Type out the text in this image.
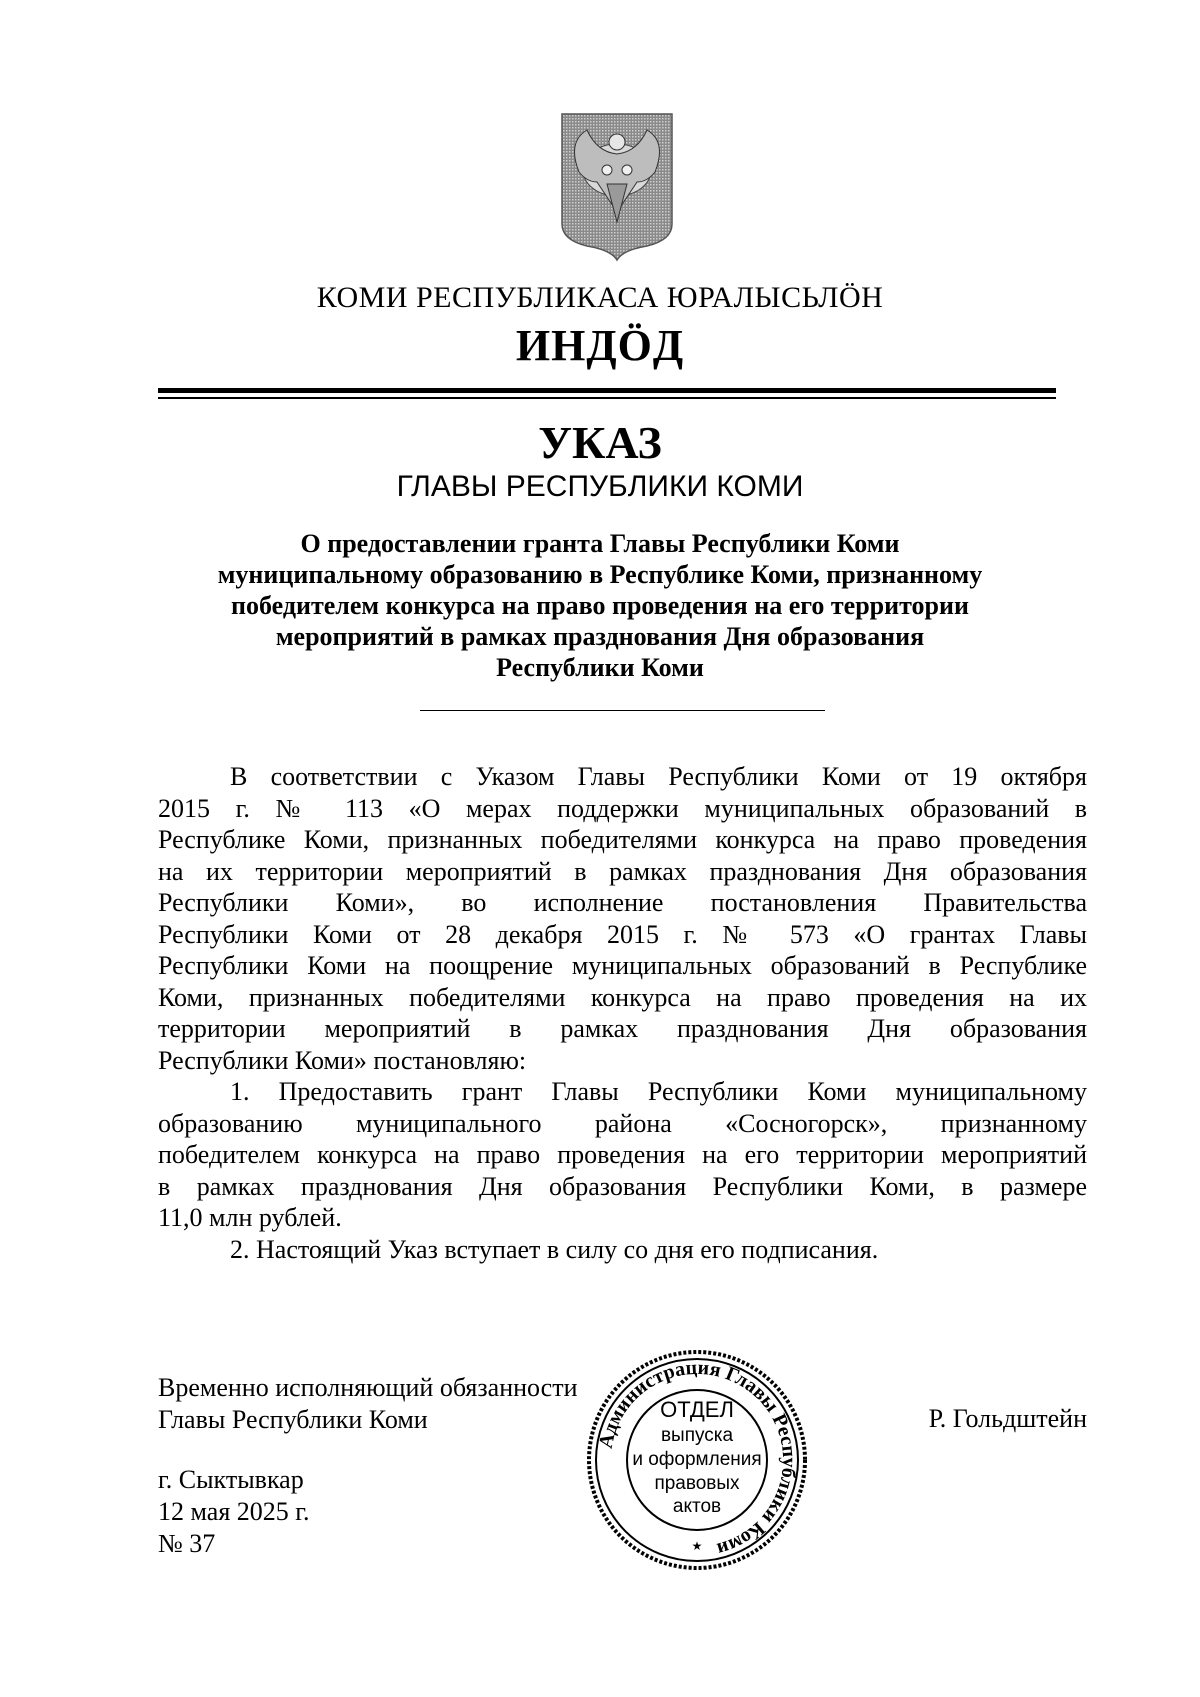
КОМИ РЕСПУБЛИКАСА ЮРАЛЫСЬЛӦН
ИНДӦД
УКАЗ
ГЛАВЫ РЕСПУБЛИКИ КОМИ
О предоставлении гранта Главы Республики Коми
муниципальному образованию в Республике Коми, признанному
победителем конкурса на право проведения на его территории
мероприятий в рамках празднования Дня образования
Республики Коми
В соответствии с Указом Главы Республики Коми от 19 октября
2015 г. № 113 «О мерах поддержки муниципальных образований в
Республике Коми, признанных победителями конкурса на право проведения
на их территории мероприятий в рамках празднования Дня образования
Республики Коми», во исполнение постановления Правительства
Республики Коми от 28 декабря 2015 г. № 573 «О грантах Главы
Республики Коми на поощрение муниципальных образований в Республике
Коми, признанных победителями конкурса на право проведения на их
территории мероприятий в рамках празднования Дня образования
Республики Коми» постановляю:
1. Предоставить грант Главы Республики Коми муниципальному
образованию муниципального района «Сосногорск», признанному
победителем конкурса на право проведения на его территории мероприятий
в рамках празднования Дня образования Республики Коми, в размере
11,0 млн рублей.
2. Настоящий Указ вступает в силу со дня его подписания.
Временно исполняющий обязанности
Главы Республики Коми	Р. Гольдштейн
г. Сыктывкар
12 мая 2025 г.
№ 37
Администрация Главы Республики Коми
ОТДЕЛ
выпуска
и оформления
правовых
актов
★
